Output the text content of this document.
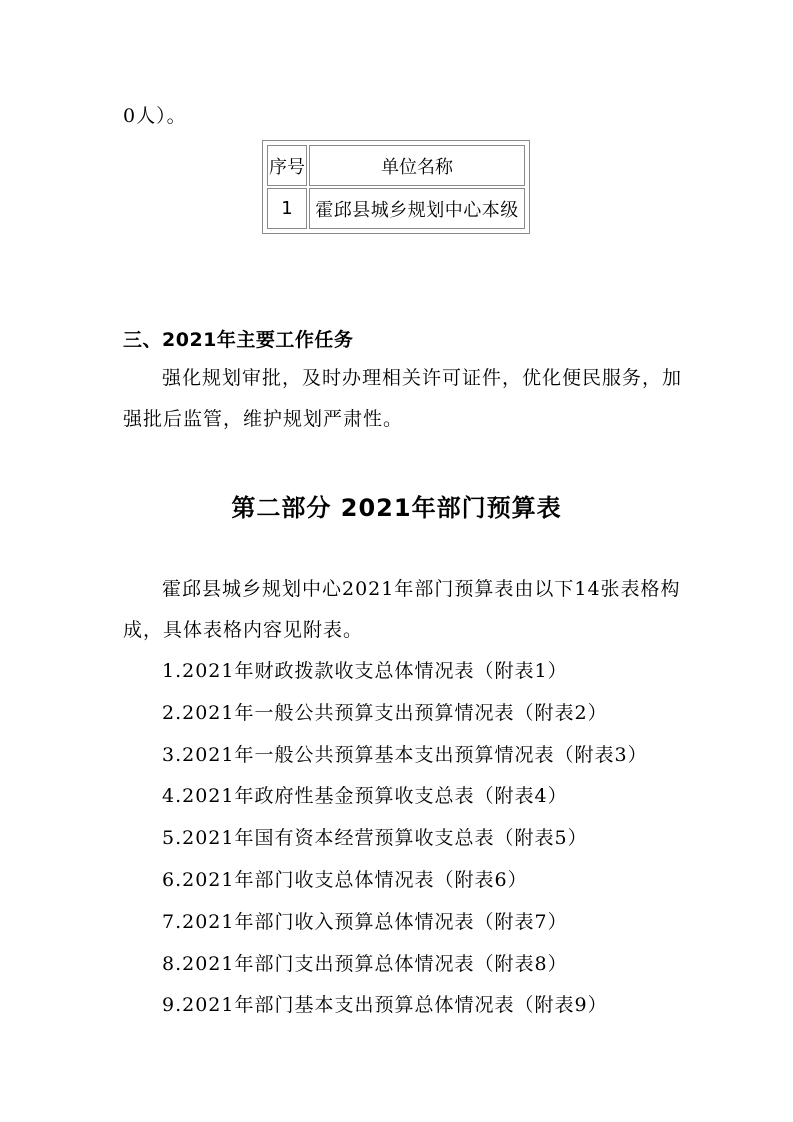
0人）。
序号	单位名称
1	霍邱县城乡规划中心本级
三、2021年主要工作任务
强化规划审批，及时办理相关许可证件，优化便民服务，加
强批后监管，维护规划严肃性。
第二部分 2021年部门预算表
霍邱县城乡规划中心2021年部门预算表由以下14张表格构
成，具体表格内容见附表。
1.2021年财政拨款收支总体情况表（附表1）
2.2021年一般公共预算支出预算情况表（附表2）
3.2021年一般公共预算基本支出预算情况表（附表3）
4.2021年政府性基金预算收支总表（附表4）
5.2021年国有资本经营预算收支总表（附表5）
6.2021年部门收支总体情况表（附表6）
7.2021年部门收入预算总体情况表（附表7）
8.2021年部门支出预算总体情况表（附表8）
9.2021年部门基本支出预算总体情况表（附表9）
